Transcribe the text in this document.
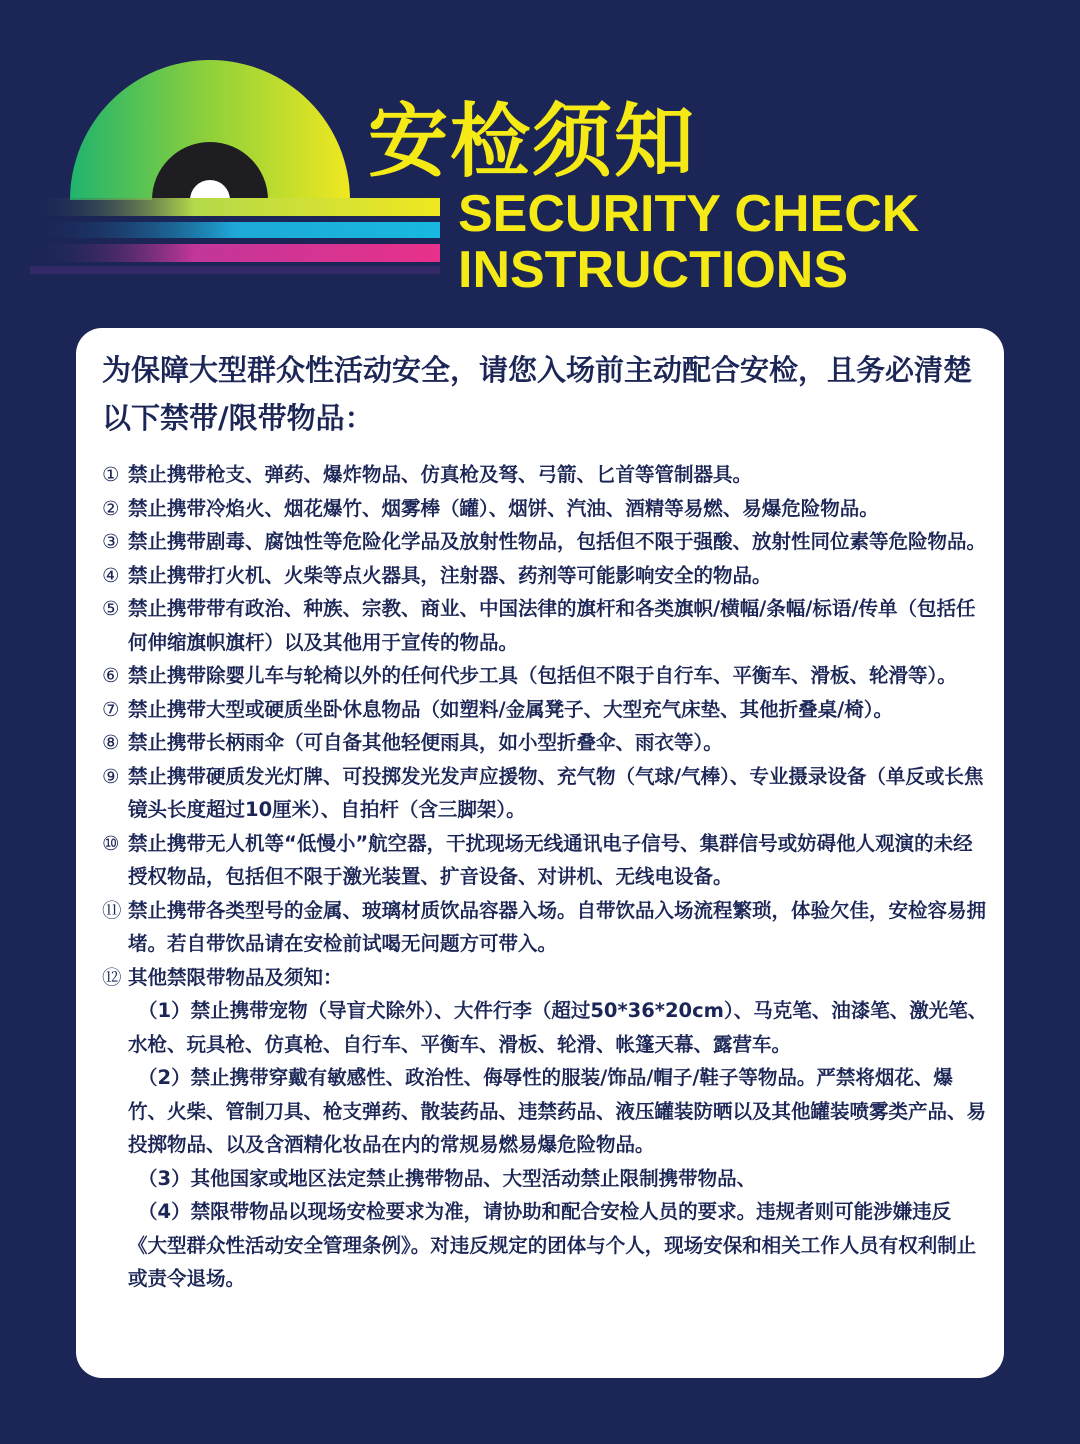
安检须知
SECURITY CHECK
INSTRUCTIONS
为保障大型群众性活动安全，请您入场前主动配合安检，且务必清楚以下禁带/限带物品：
① 禁止携带枪支、弹药、爆炸物品、仿真枪及弩、弓箭、匕首等管制器具。
② 禁止携带冷焰火、烟花爆竹、烟雾棒（罐）、烟饼、汽油、酒精等易燃、易爆危险物品。
③ 禁止携带剧毒、腐蚀性等危险化学品及放射性物品，包括但不限于强酸、放射性同位素等危险物品。
④ 禁止携带打火机、火柴等点火器具，注射器、药剂等可能影响安全的物品。
⑤ 禁止携带带有政治、种族、宗教、商业、中国法律的旗杆和各类旗帜/横幅/条幅/标语/传单（包括任何伸缩旗帜旗杆）以及其他用于宣传的物品。
⑥ 禁止携带除婴儿车与轮椅以外的任何代步工具（包括但不限于自行车、平衡车、滑板、轮滑等）。
⑦ 禁止携带大型或硬质坐卧休息物品（如塑料/金属凳子、大型充气床垫、其他折叠桌/椅）。
⑧ 禁止携带长柄雨伞（可自备其他轻便雨具，如小型折叠伞、雨衣等）。
⑨ 禁止携带硬质发光灯牌、可投掷发光发声应援物、充气物（气球/气棒）、专业摄录设备（单反或长焦镜头长度超过10厘米）、自拍杆（含三脚架）。
⑩ 禁止携带无人机等“低慢小”航空器，干扰现场无线通讯电子信号、集群信号或妨碍他人观演的未经授权物品，包括但不限于激光装置、扩音设备、对讲机、无线电设备。
⑪ 禁止携带各类型号的金属、玻璃材质饮品容器入场。自带饮品入场流程繁琐，体验欠佳，安检容易拥堵。若自带饮品请在安检前试喝无问题方可带入。
⑫ 其他禁限带物品及须知：
（1）禁止携带宠物（导盲犬除外）、大件行李（超过50*36*20cm）、马克笔、油漆笔、激光笔、水枪、玩具枪、仿真枪、自行车、平衡车、滑板、轮滑、帐篷天幕、露营车。
（2）禁止携带穿戴有敏感性、政治性、侮辱性的服装/饰品/帽子/鞋子等物品。严禁将烟花、爆竹、火柴、管制刀具、枪支弹药、散装药品、违禁药品、液压罐装防晒以及其他罐装喷雾类产品、易投掷物品、以及含酒精化妆品在内的常规易燃易爆危险物品。
（3）其他国家或地区法定禁止携带物品、大型活动禁止限制携带物品、
（4）禁限带物品以现场安检要求为准，请协助和配合安检人员的要求。违规者则可能涉嫌违反《大型群众性活动安全管理条例》。对违反规定的团体与个人，现场安保和相关工作人员有权利制止或责令退场。
